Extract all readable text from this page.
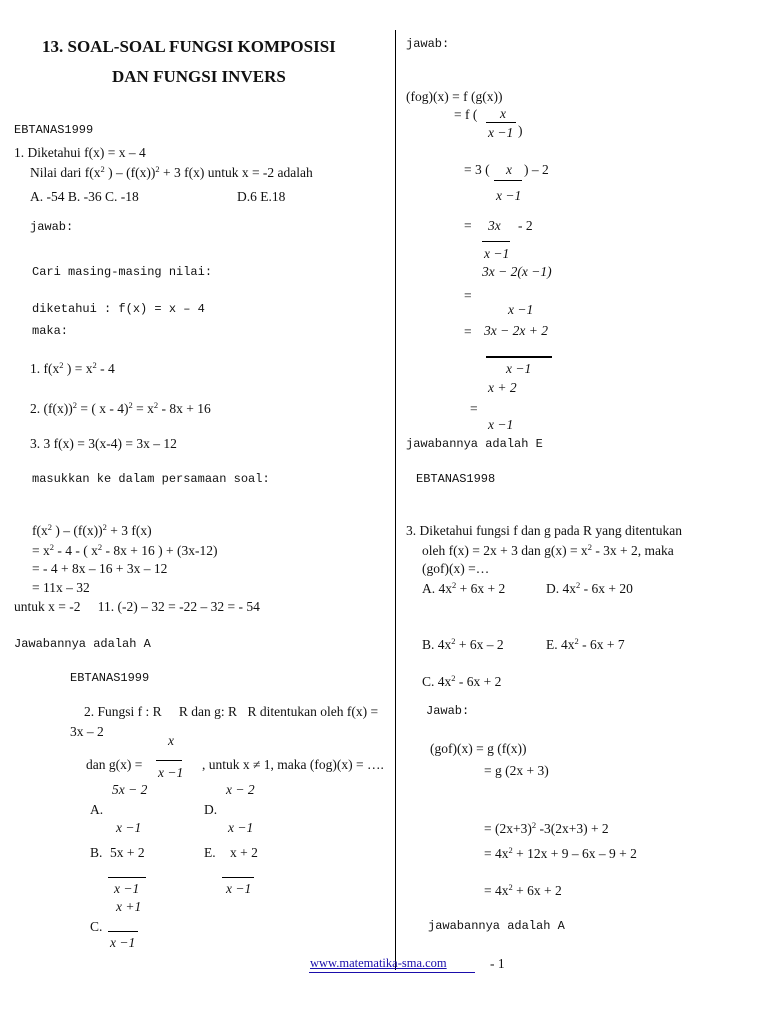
13. SOAL-SOAL FUNGSI KOMPOSISI
DAN FUNGSI INVERS
EBTANAS1999
1. Diketahui f(x) = x – 4
Nilai dari $f(x^2$ ) – $(f(x))^2 + 3$ f(x) untuk x = -2 adalah
A. -54 B. -36 C. -18	D.6 E.18
jawab:
Cari masing-masing nilai:
diketahui : f(x) = x – 4
maka:
1. $f(x^2$ ) = $x^2 - 4$
2. $(f(x))^2$ = ( $x - 4)^2 = x^2 - 8x + 16$
3. 3 f(x) = 3(x-4) = 3x – 12
masukkan ke dalam persamaan soal:
$f(x^2$ ) – $(f(x))^2 + 3$ f(x)
= $x^2 - 4$ - ( $x^2 - 8x + 16$ ) + (3x-12)
= - 4 + 8x – 16 + 3x – 12
= 11x – 32
untuk x = -2 11. (-2) – 32 = -22 – 32 = - 54
Jawabannya adalah A
EBTANAS1999
2. Fungsi f : R R dan g: R R ditentukan oleh f(x) =
3x – 2
x
dan g(x) =	, untuk x ≠ 1, maka (fog)(x) = ….
x −1
5x − 2	x − 2
A.	D.
x −1	x −1
B. 5x + 2	E. x + 2
x −1	x −1
x +1
C.
x −1
jawab:
(fog)(x) = f (g(x))
= f ( x
x −1 )
= 3 ( x ) – 2
x −1
= 3x - 2
x −1
3x − 2(x −1)
=
x −1
= 3x − 2x + 2
x −1
x + 2
=
x −1
jawabannya adalah E
EBTANAS1998
3. Diketahui fungsi f dan g pada R yang ditentukan
oleh f(x) = 2x + 3 dan $g(x) = x^2 - 3x + 2$, maka
(gof)(x) =…
A. $4x^2 + 6x + 2$	D. $4x^2 - 6x + 20$
B. $4x^2 + 6x - 2$	E. $4x^2 - 6x + 7$
C. $4x^2 - 6x + 2$
Jawab:
(gof)(x) = g (f(x))
= g (2x + 3)
= $(2x+3)^2$ -3(2x+3) + 2
= $4x^2 + 12x + 9 - 6x - 9 + 2$
= $4x^2 + 6x + 2$
jawabannya adalah A
www.matematika-sma.com	- 1
